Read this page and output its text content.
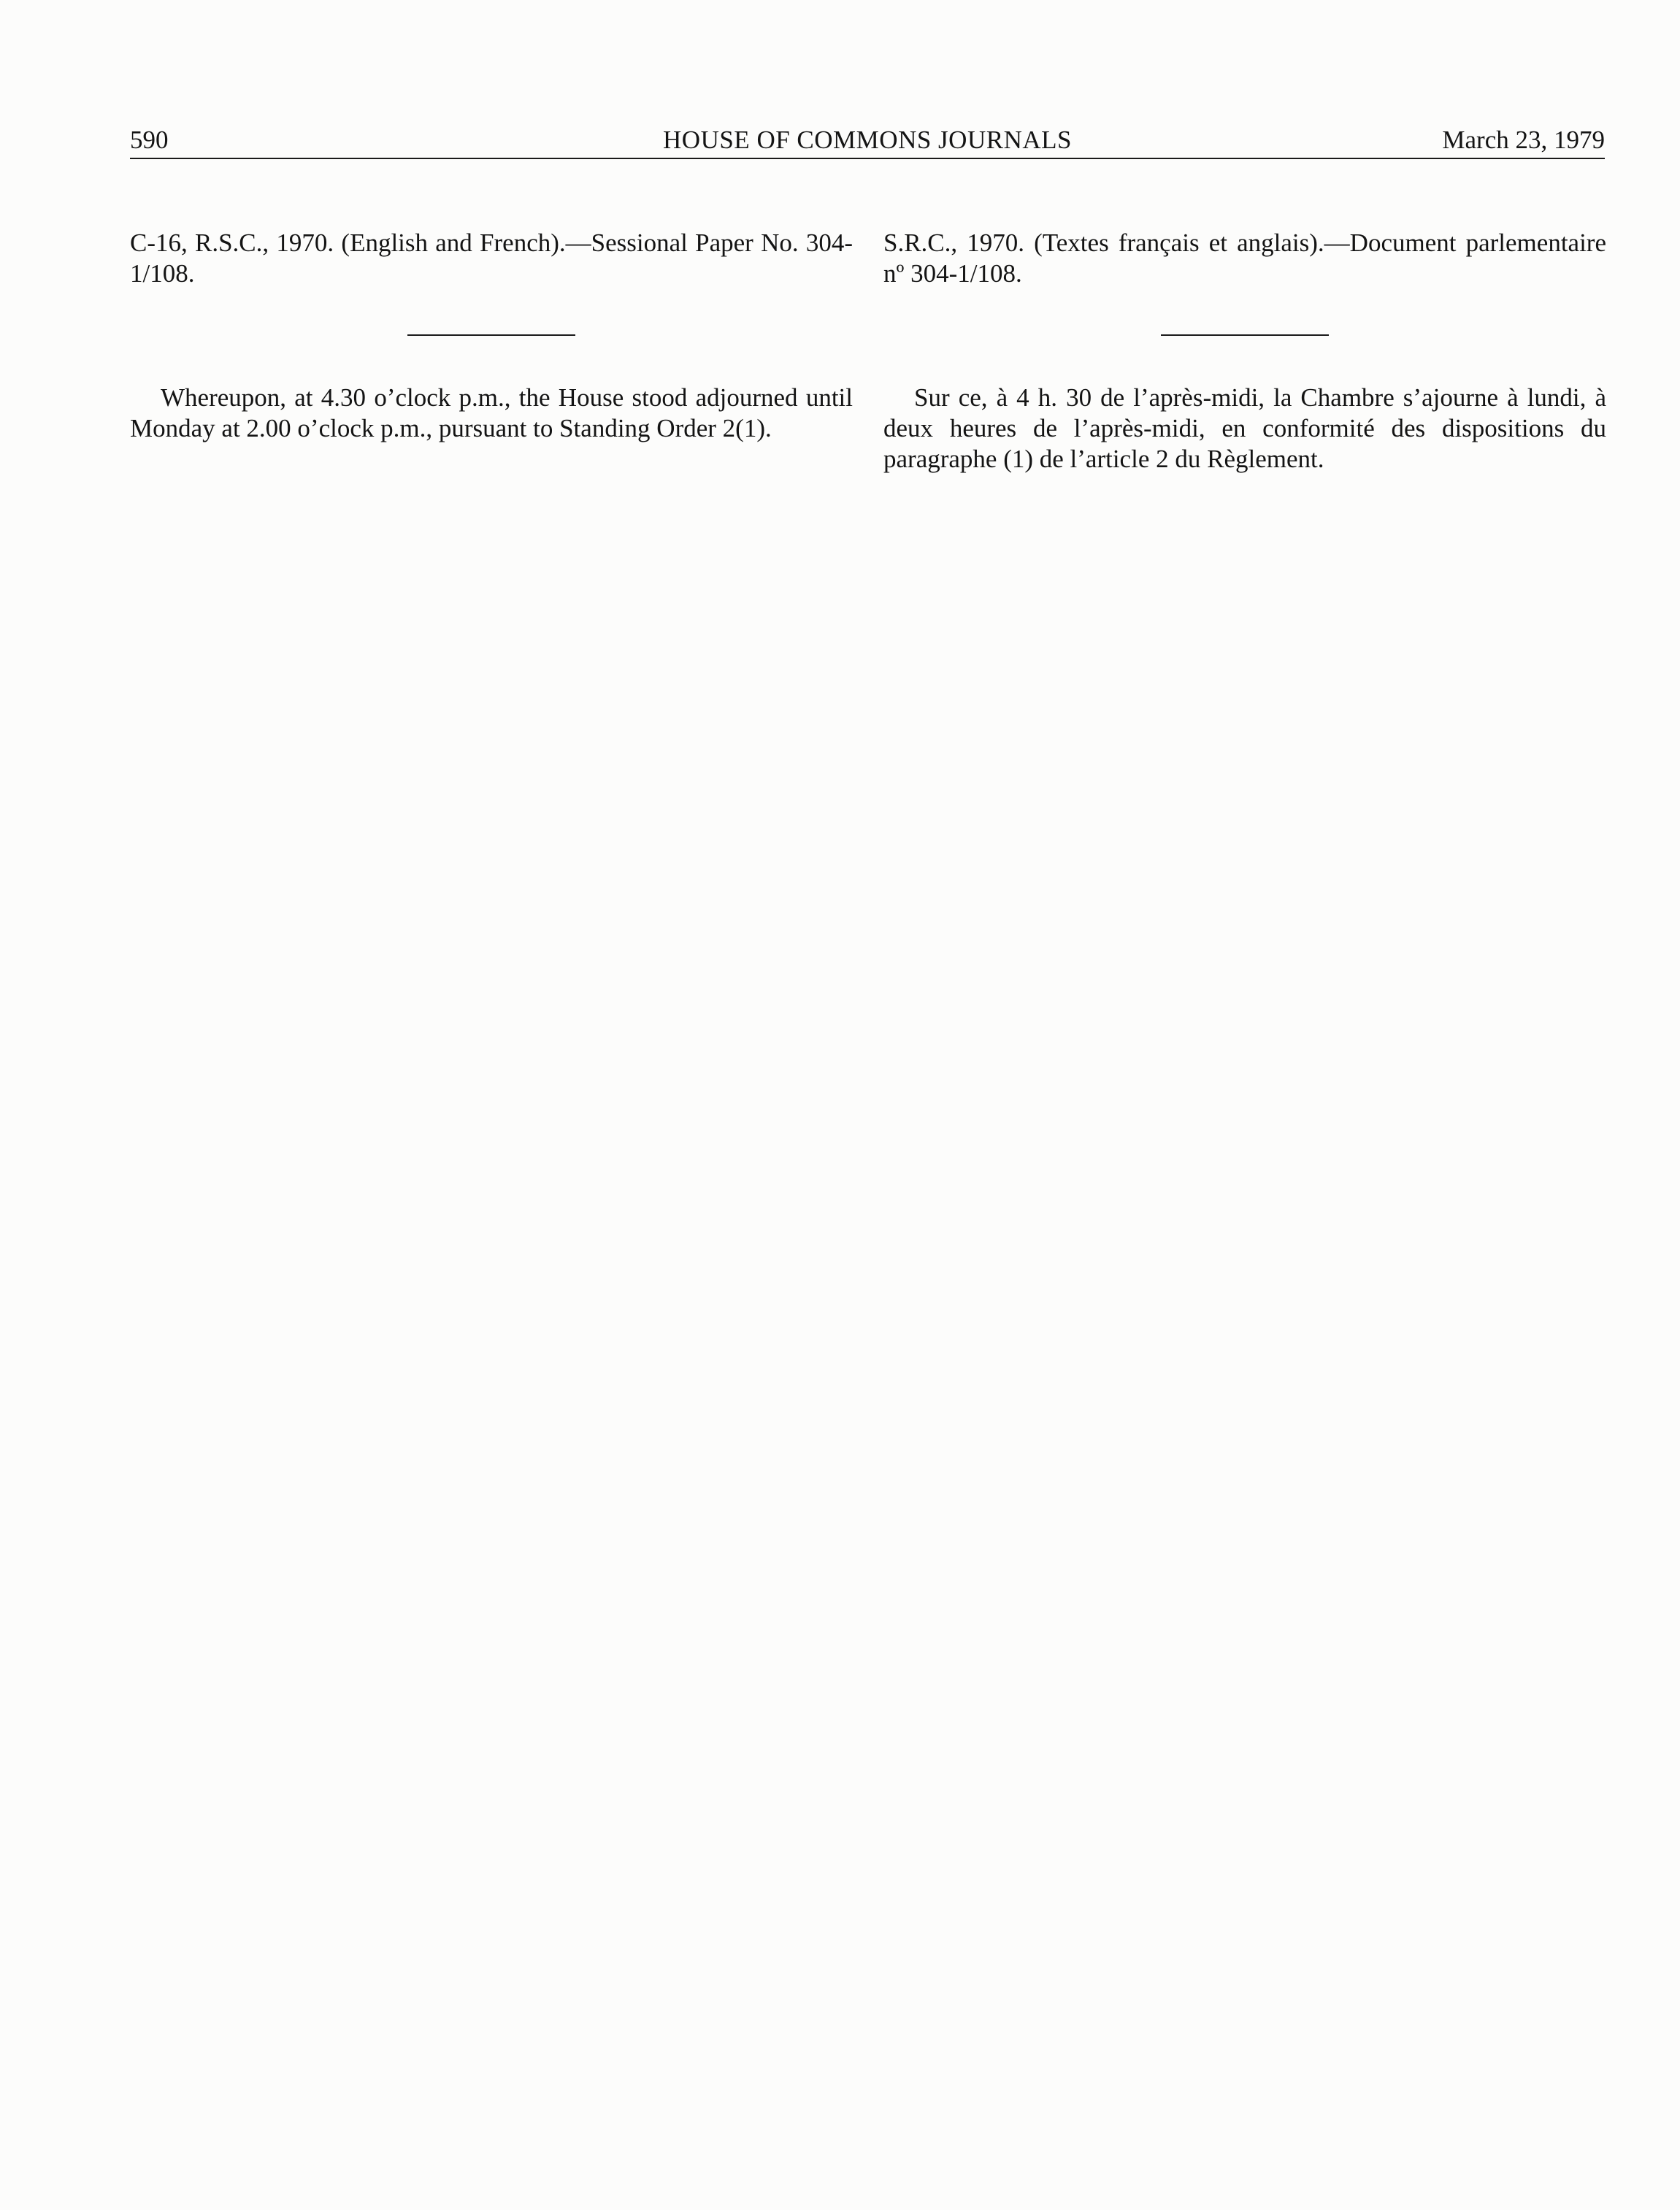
590	HOUSE OF COMMONS JOURNALS	March 23, 1979

C-16, R.S.C., 1970. (English and French).—Sessional Paper No. 304-1/108.

Whereupon, at 4.30 o’clock p.m., the House stood adjourned until Monday at 2.00 o’clock p.m., pursuant to Standing Order 2(1).

S.R.C., 1970. (Textes français et anglais).—Document parlementaire nº 304-1/108.

Sur ce, à 4 h. 30 de l’après-midi, la Chambre s’ajourne à lundi, à deux heures de l’après-midi, en conformité des dispositions du paragraphe (1) de l’article 2 du Règlement.
